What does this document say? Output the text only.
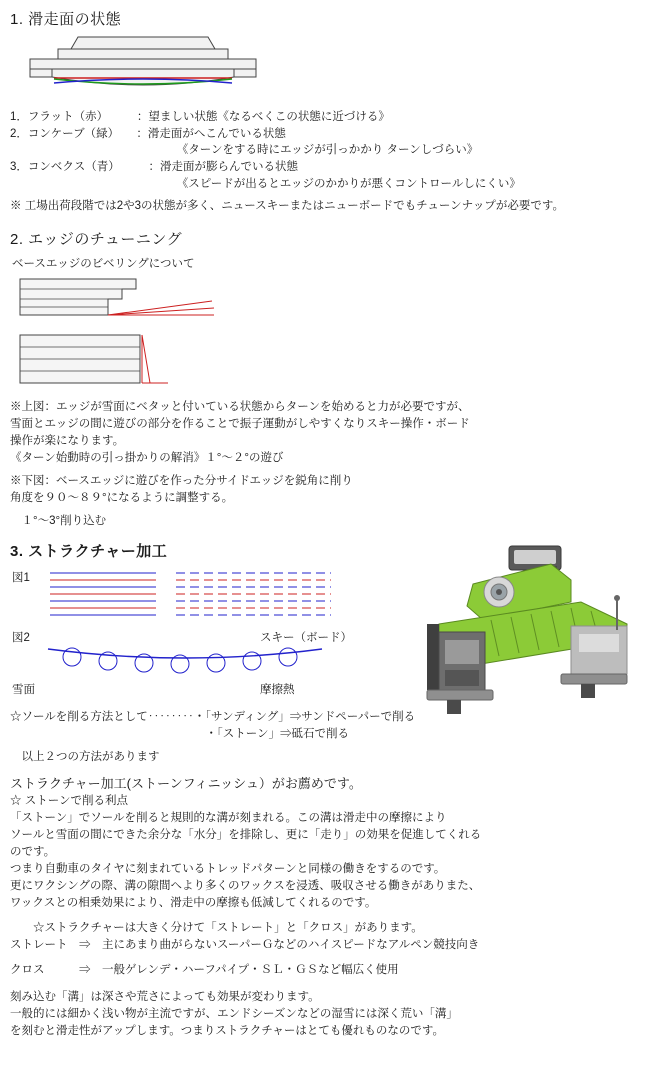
1. 滑走面の状態
1．フラット（赤）　　　：望ましい状態《なるべくこの状態に近づける》
2．コンケーブ（緑）　　：滑走面がへこんでいる状態
　　　　　　　　　　　　　　　《ターンをする時にエッジが引っかかり ターンしづらい》
3．コンベクス（青）　　　：滑走面が膨らんでいる状態
　　　　　　　　　　　　　　　《スピードが出るとエッジのかかりが悪くコントロールしにくい》
※ 工場出荷段階では2や3の状態が多く、ニュースキーまたはニューボードでもチューンナップが必要です。
2. エッジのチューニング
ベースエッジのビベリングについて
※上図：エッジが雪面にベタッと付いている状態からターンを始めると力が必要ですが、
雪面とエッジの間に遊びの部分を作ることで振子運動がしやすくなりスキー操作・ボード
操作が楽になります。
《ターン始動時の引っ掛かりの解消》１°～２°の遊び
※下図：ベースエッジに遊びを作った分サイドエッジを鋭角に削り
角度を９０～８９°になるように調整する。
　１°～3°削り込む
3. ストラクチャー加工
図1
図2	スキー（ボード）
雪面	摩擦熱
☆ソールを削る方法として‥‥‥‥・「サンディング」⇒サンドペーパーで削る
　　　　　　　　　　　　　　　　　・「ストーン」⇒砥石で削る
　以上２つの方法があります
ストラクチャー加工(ストーンフィニッシュ）がお薦めです。
☆ ストーンで削る利点
「ストーン」でソールを削ると規則的な溝が刻まれる。この溝は滑走中の摩擦により
ソールと雪面の間にできた余分な「水分」を排除し、更に「走り」の効果を促進してくれる
のです。
つまり自動車のタイヤに刻まれているトレッドパターンと同様の働きをするのです。
更にワクシングの際、溝の隙間へより多くのワックスを浸透、吸収させる働きがありまた、
ワックスとの相乗効果により、滑走中の摩擦も低減してくれるのです。
　　☆ストラクチャーは大きく分けて「ストレート」と「クロス」があります。
ストレート　⇒　主にあまり曲がらないスーパーＧなどのハイスピードなアルペン競技向き
クロス　　　⇒　一般ゲレンデ・ハーフパイプ・ＳＬ・ＧＳなど幅広く使用
刻み込む「溝」は深さや荒さによっても効果が変わります。
一般的には細かく浅い物が主流ですが、エンドシーズンなどの湿雪には深く荒い「溝」
を刻むと滑走性がアップします。つまりストラクチャーはとても優れものなのです。
